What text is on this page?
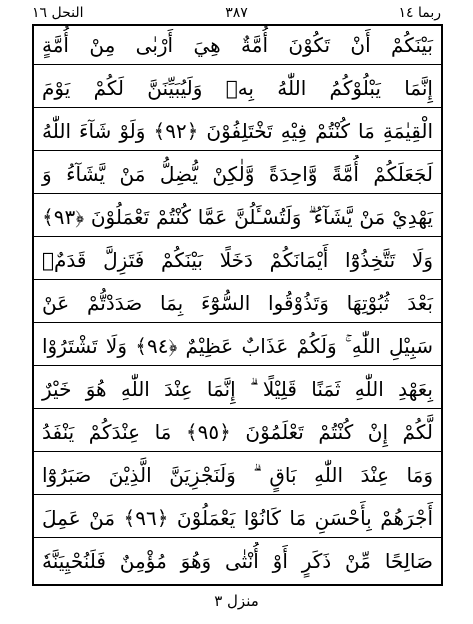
النحل ١٦	٣٨٧	ربما ١٤
بَيْنَكُمْ أَنْ تَكُوْنَ أُمَّةٌ هِيَ أَرْبٰى مِنْ أُمَّةٍ
إِنَّمَا يَبْلُوْكُمُ اللّٰهُ بِهٖ وَلَيُبَيِّنَنَّ لَكُمْ يَوْمَ
الْقِيٰمَةِ مَا كُنْتُمْ فِيْهِ تَخْتَلِفُوْنَ ﴿٩٢﴾ وَلَوْ شَآءَ اللّٰهُ
لَجَعَلَكُمْ أُمَّةً وَّاحِدَةً وَّلٰكِنْ يُّضِلُّ مَنْ يَّشَآءُ وَ
يَهْدِيْ مَنْ يَّشَآءُ ۗ وَلَتُسْـَٔلُنَّ عَمَّا كُنْتُمْ تَعْمَلُوْنَ ﴿٩٣﴾
وَلَا تَتَّخِذُوْٓا أَيْمَانَكُمْ دَخَلًا بَيْنَكُمْ فَتَزِلَّ قَدَمٌۢ
بَعْدَ ثُبُوْتِهَا وَتَذُوْقُوا السُّوْٓءَ بِمَا صَدَدْتُّمْ عَنْ
سَبِيْلِ اللّٰهِ ۚ وَلَكُمْ عَذَابٌ عَظِيْمٌ ﴿٩٤﴾ وَلَا تَشْتَرُوْا
بِعَهْدِ اللّٰهِ ثَمَنًا قَلِيْلًا ۗ إِنَّمَا عِنْدَ اللّٰهِ هُوَ خَيْرٌ
لَّكُمْ إِنْ كُنْتُمْ تَعْلَمُوْنَ ﴿٩٥﴾ مَا عِنْدَكُمْ يَنْفَدُ
وَمَا عِنْدَ اللّٰهِ بَاقٍ ۗ وَلَنَجْزِيَنَّ الَّذِيْنَ صَبَرُوْٓا
أَجْرَهُمْ بِأَحْسَنِ مَا كَانُوْا يَعْمَلُوْنَ ﴿٩٦﴾ مَنْ عَمِلَ
صَالِحًا مِّنْ ذَكَرٍ أَوْ أُنْثٰى وَهُوَ مُؤْمِنٌ فَلَنُحْيِيَنَّهٗ
منزل ٣
